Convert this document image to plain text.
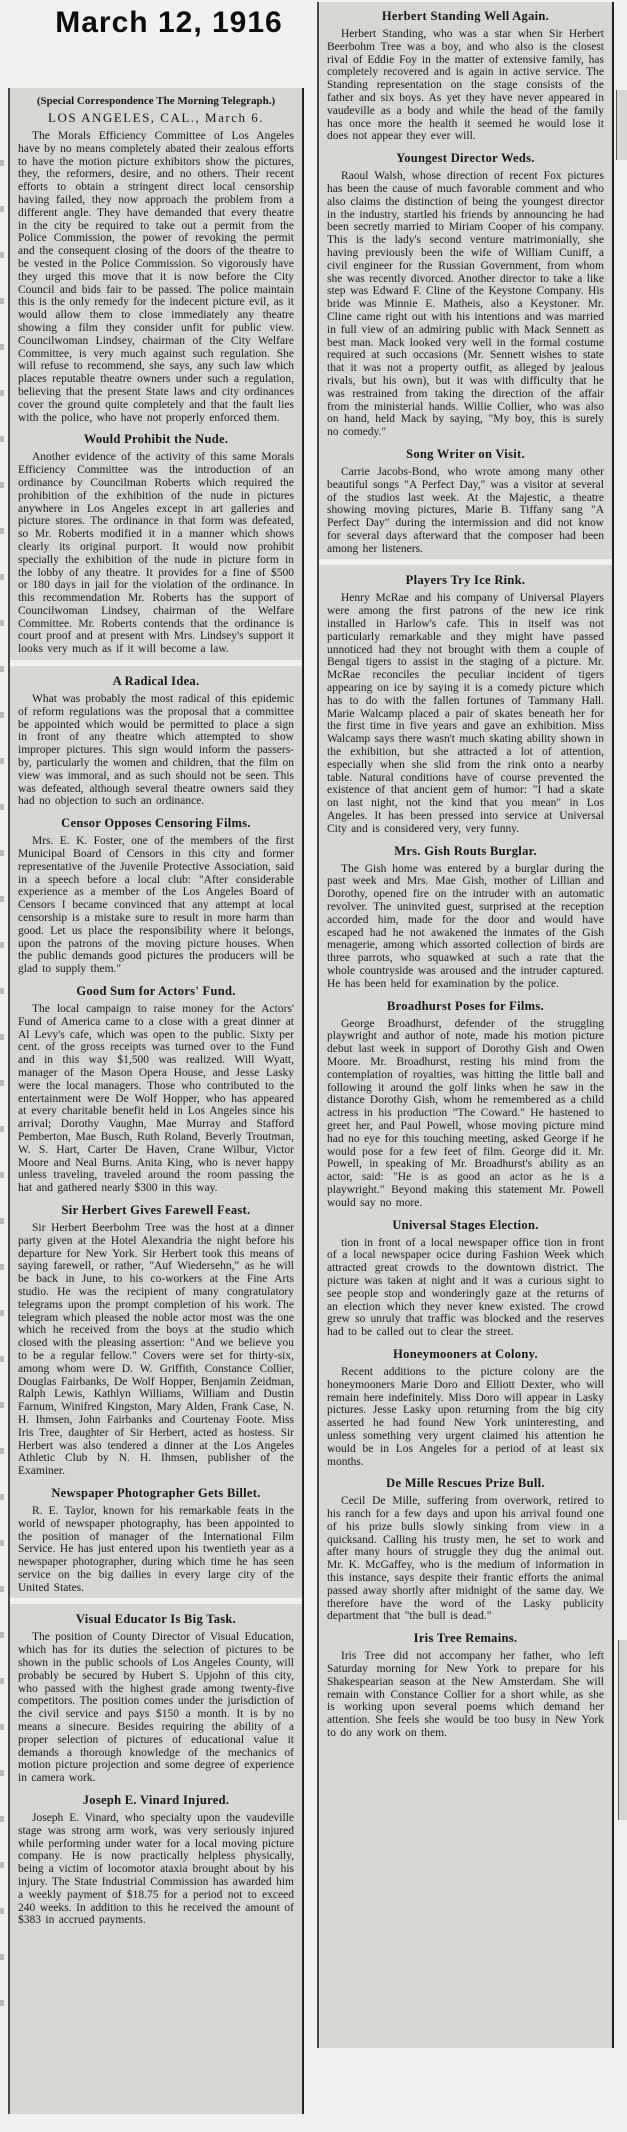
March 12, 1916
(Special Correspondence The Morning Telegraph.)
LOS ANGELES, CAL., March 6.

The Morals Efficiency Committee of Los Angeles have by no means completely abated their zealous efforts to have the motion picture exhibitors show the pictures, they, the reformers, desire, and no others. Their recent efforts to obtain a stringent direct local censorship having failed, they now approach the problem from a different angle. They have demanded that every theatre in the city be required to take out a permit from the Police Commission, the power of revoking the permit and the consequent closing of the doors of the theatre to be vested in the Police Commission. So vigorously have they urged this move that it is now before the City Council and bids fair to be passed. The police maintain this is the only remedy for the indecent picture evil, as it would allow them to close immediately any theatre showing a film they consider unfit for public view. Councilwoman Lindsey, chairman of the City Welfare Committee, is very much against such regulation. She will refuse to recommend, she says, any such law which places reputable theatre owners under such a regulation, believing that the present State laws and city ordinances cover the ground quite completely and that the fault lies with the police, who have not properly enforced them.

Would Prohibit the Nude.

Another evidence of the activity of this same Morals Efficiency Committee was the introduction of an ordinance by Councilman Roberts which required the prohibition of the exhibition of the nude in pictures anywhere in Los Angeles except in art galleries and picture stores. The ordinance in that form was defeated, so Mr. Roberts modified it in a manner which shows clearly its original purport. It would now prohibit specially the exhibition of the nude in picture form in the lobby of any theatre. It provides for a fine of $500 or 180 days in jail for the violation of the ordinance. In this recommendation Mr. Roberts has the support of Councilwoman Lindsey, chairman of the Welfare Committee. Mr. Roberts contends that the ordinance is court proof and at present with Mrs. Lindsey's support it looks very much as if it will become a law.

A Radical Idea.

What was probably the most radical of this epidemic of reform regulations was the proposal that a committee be appointed which would be permitted to place a sign in front of any theatre which attempted to show improper pictures. This sign would inform the passers-by, particularly the women and children, that the film on view was immoral, and as such should not be seen. This was defeated, although several theatre owners said they had no objection to such an ordinance.

Censor Opposes Censoring Films.

Mrs. E. K. Foster, one of the members of the first Municipal Board of Censors in this city and former representative of the Juvenile Protective Association, said in a speech before a local club: "After considerable experience as a member of the Los Angeles Board of Censors I became convinced that any attempt at local censorship is a mistake sure to result in more harm than good. Let us place the responsibility where it belongs, upon the patrons of the moving picture houses. When the public demands good pictures the producers will be glad to supply them."

Good Sum for Actors' Fund.

The local campaign to raise money for the Actors' Fund of America came to a close with a great dinner at Al Levy's cafe, which was open to the public. Sixty per cent. of the gross receipts was turned over to the Fund and in this way $1,500 was realized. Will Wyatt, manager of the Mason Opera House, and Jesse Lasky were the local managers. Those who contributed to the entertainment were De Wolf Hopper, who has appeared at every charitable benefit held in Los Angeles since his arrival; Dorothy Vaughn, Mae Murray and Stafford Pemberton, Mae Busch, Ruth Roland, Beverly Troutman, W. S. Hart, Carter De Haven, Crane Wilbur, Victor Moore and Neal Burns. Anita King, who is never happy unless traveling, traveled around the room passing the hat and gathered nearly $300 in this way.

Sir Herbert Gives Farewell Feast.

Sir Herbert Beerbohm Tree was the host at a dinner party given at the Hotel Alexandria the night before his departure for New York. Sir Herbert took this means of saying farewell, or rather, "Auf Wiedersehn," as he will be back in June, to his co-workers at the Fine Arts studio. He was the recipient of many congratulatory telegrams upon the prompt completion of his work. The telegram which pleased the noble actor most was the one which he received from the boys at the studio which closed with the pleasing assertion: "And we believe you to be a regular fellow." Covers were set for thirty-six, among whom were D. W. Griffith, Constance Collier, Douglas Fairbanks, De Wolf Hopper, Benjamin Zeidman, Ralph Lewis, Kathlyn Williams, William and Dustin Farnum, Winifred Kingston, Mary Alden, Frank Case, N. H. Ihmsen, John Fairbanks and Courtenay Foote. Miss Iris Tree, daughter of Sir Herbert, acted as hostess. Sir Herbert was also tendered a dinner at the Los Angeles Athletic Club by N. H. Ihmsen, publisher of the Examiner.

Newspaper Photographer Gets Billet.

R. E. Taylor, known for his remarkable feats in the world of newspaper photography, has been appointed to the position of manager of the International Film Service. He has just entered upon his twentieth year as a newspaper photographer, during which time he has seen service on the big dailies in every large city of the United States.

Visual Educator Is Big Task.

The position of County Director of Visual Education, which has for its duties the selection of pictures to be shown in the public schools of Los Angeles County, will probably be secured by Hubert S. Upjohn of this city, who passed with the highest grade among twenty-five competitors. The position comes under the jurisdiction of the civil service and pays $150 a month. It is by no means a sinecure. Besides requiring the ability of a proper selection of pictures of educational value it demands a thorough knowledge of the mechanics of motion picture projection and some degree of experience in camera work.

Joseph E. Vinard Injured.

Joseph E. Vinard, who specialty upon the vaudeville stage was strong arm work, was very seriously injured while performing under water for a local moving picture company. He is now practically helpless physically, being a victim of locomotor ataxia brought about by his injury. The State Industrial Commission has awarded him a weekly payment of $18.75 for a period not to exceed 240 weeks. In addition to this he received the amount of $383 in accrued payments.

Herbert Standing Well Again.

Herbert Standing, who was a star when Sir Herbert Beerbohm Tree was a boy, and who also is the closest rival of Eddie Foy in the matter of extensive family, has completely recovered and is again in active service. The Standing representation on the stage consists of the father and six boys. As yet they have never appeared in vaudeville as a body and while the head of the family has once more the health it seemed he would lose it does not appear they ever will.

Youngest Director Weds.

Raoul Walsh, whose direction of recent Fox pictures has been the cause of much favorable comment and who also claims the distinction of being the youngest director in the industry, startled his friends by announcing he had been secretly married to Miriam Cooper of his company. This is the lady's second venture matrimonially, she having previously been the wife of William Cuniff, a civil engineer for the Russian Government, from whom she was recently divorced. Another director to take a like step was Edward F. Cline of the Keystone Company. His bride was Minnie E. Matheis, also a Keystoner. Mr. Cline came right out with his intentions and was married in full view of an admiring public with Mack Sennett as best man. Mack looked very well in the formal costume required at such occasions (Mr. Sennett wishes to state that it was not a property outfit, as alleged by jealous rivals, but his own), but it was with difficulty that he was restrained from taking the direction of the affair from the ministerial hands. Willie Collier, who was also on hand, held Mack by saying, "My boy, this is surely no comedy."

Song Writer on Visit.

Carrie Jacobs-Bond, who wrote among many other beautiful songs "A Perfect Day," was a visitor at several of the studios last week. At the Majestic, a theatre showing moving pictures, Marie B. Tiffany sang "A Perfect Day" during the intermission and did not know for several days afterward that the composer had been among her listeners.

Players Try Ice Rink.

Henry McRae and his company of Universal Players were among the first patrons of the new ice rink installed in Harlow's cafe. This in itself was not particularly remarkable and they might have passed unnoticed had they not brought with them a couple of Bengal tigers to assist in the staging of a picture. Mr. McRae reconciles the peculiar incident of tigers appearing on ice by saying it is a comedy picture which has to do with the fallen fortunes of Tammany Hall. Marie Walcamp placed a pair of skates beneath her for the first time in five years and gave an exhibition. Miss Walcamp says there wasn't much skating ability shown in the exhibition, but she attracted a lot of attention, especially when she slid from the rink onto a nearby table. Natural conditions have of course prevented the existence of that ancient gem of humor: "I had a skate on last night, not the kind that you mean" in Los Angeles. It has been pressed into service at Universal City and is considered very, very funny.

Mrs. Gish Routs Burglar.

The Gish home was entered by a burglar during the past week and Mrs. Mae Gish, mother of Lillian and Dorothy, opened fire on the intruder with an automatic revolver. The uninvited guest, surprised at the reception accorded him, made for the door and would have escaped had he not awakened the inmates of the Gish menagerie, among which assorted collection of birds are three parrots, who squawked at such a rate that the whole countryside was aroused and the intruder captured. He has been held for examination by the police.

Broadhurst Poses for Films.

George Broadhurst, defender of the struggling playwright and author of note, made his motion picture debut last week in support of Dorothy Gish and Owen Moore. Mr. Broadhurst, resting his mind from the contemplation of royalties, was hitting the little ball and following it around the golf links when he saw in the distance Dorothy Gish, whom he remembered as a child actress in his production "The Coward." He hastened to greet her, and Paul Powell, whose moving picture mind had no eye for this touching meeting, asked George if he would pose for a few feet of film. George did it. Mr. Powell, in speaking of Mr. Broadhurst's ability as an actor, said: "He is as good an actor as he is a playwright." Beyond making this statement Mr. Powell would say no more.

Universal Stages Election.

tion in front of a local newspaper office tion in front of a local newspaper ocice during Fashion Week which attracted great crowds to the downtown district. The picture was taken at night and it was a curious sight to see people stop and wonderingly gaze at the returns of an election which they never knew existed. The crowd grew so unruly that traffic was blocked and the reserves had to be called out to clear the street.

Honeymooners at Colony.

Recent additions to the picture colony are the honeymooners Marie Doro and Elliott Dexter, who will remain here indefinitely. Miss Doro will appear in Lasky pictures. Jesse Lasky upon returning from the big city asserted he had found New York uninteresting, and unless something very urgent claimed his attention he would be in Los Angeles for a period of at least six months.

De Mille Rescues Prize Bull.

Cecil De Mille, suffering from overwork, retired to his ranch for a few days and upon his arrival found one of his prize bulls slowly sinking from view in a quicksand. Calling his trusty men, he set to work and after many hours of struggle they dug the animal out. Mr. K. McGaffey, who is the medium of information in this instance, says despite their frantic efforts the animal passed away shortly after midnight of the same day. We therefore have the word of the Lasky publicity department that "the bull is dead."

Iris Tree Remains.

Iris Tree did not accompany her father, who left Saturday morning for New York to prepare for his Shakespearian season at the New Amsterdam. She will remain with Constance Collier for a short while, as she is working upon several poems which demand her attention. She feels she would be too busy in New York to do any work on them.
